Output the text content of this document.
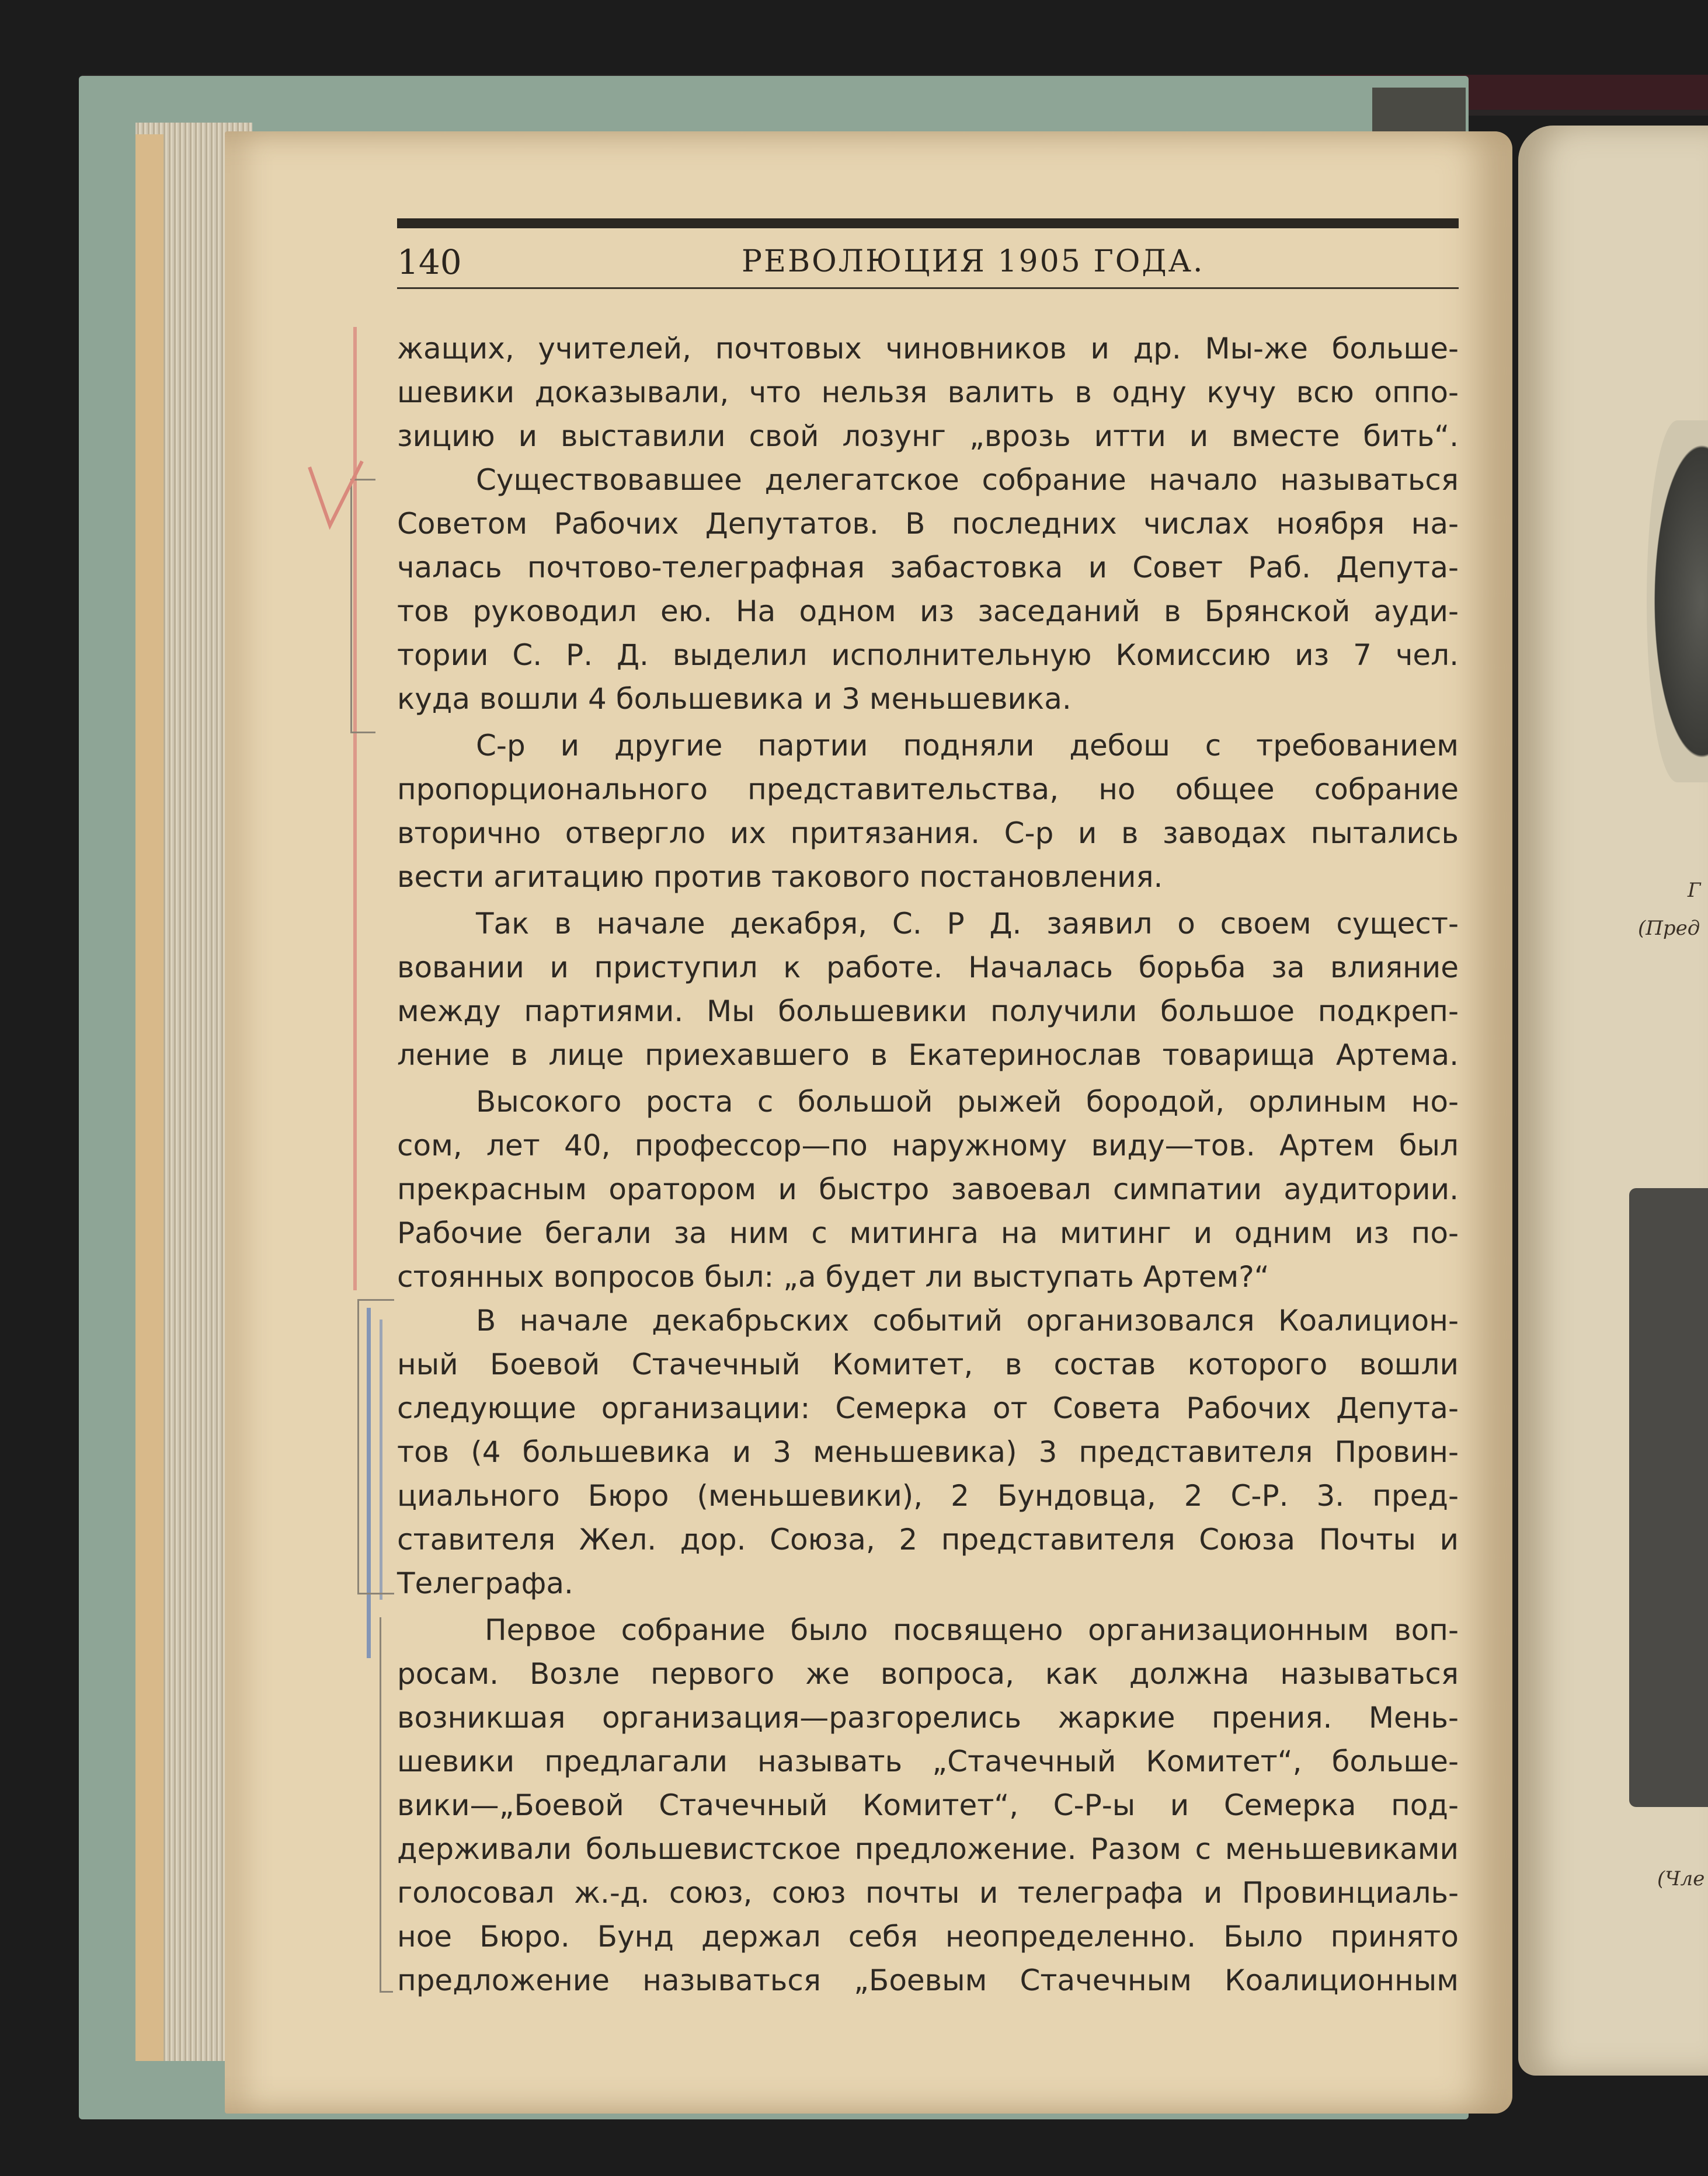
Г
(Пред
(Чле
140	РЕВОЛЮЦИЯ 1905 ГОДА.
жащих, учителей, почтовых чиновников и др. Мы-же больше-
шевики доказывали, что нельзя валить в одну кучу всю оппо-
зицию и выставили свой лозунг „врозь итти и вместе бить“.
Существовавшее делегатское собрание начало называться
Советом Рабочих Депутатов. В последних числах ноября на-
чалась почтово-телеграфная забастовка и Совет Раб. Депута-
тов руководил ею. На одном из заседаний в Брянской ауди-
тории С. Р. Д. выделил исполнительную Комиссию из 7 чел.
куда вошли 4 большевика и 3 меньшевика.
С-р и другие партии подняли дебош с требованием
пропорционального представительства, но общее собрание
вторично отвергло их притязания. С-р и в заводах пытались
вести агитацию против такового постановления.
Так в начале декабря, С. Р Д. заявил о своем сущест-
вовании и приступил к работе. Началась борьба за влияние
между партиями. Мы большевики получили большое подкреп-
ление в лице приехавшего в Екатеринослав товарища Артема.
Высокого роста с большой рыжей бородой, орлиным но-
сом, лет 40, профессор—по наружному виду—тов. Артем был
прекрасным оратором и быстро завоевал симпатии аудитории.
Рабочие бегали за ним с митинга на митинг и одним из по-
стоянных вопросов был: „а будет ли выступать Артем?“
В начале декабрьских событий организовался Коалицион-
ный Боевой Стачечный Комитет, в состав которого вошли
следующие организации: Семерка от Совета Рабочих Депута-
тов (4 большевика и 3 меньшевика) 3 представителя Провин-
циального Бюро (меньшевики), 2 Бундовца, 2 С-Р. 3. пред-
ставителя Жел. дор. Союза, 2 представителя Союза Почты и
Телеграфа.
Первое собрание было посвящено организационным воп-
росам. Возле первого же вопроса, как должна называться
возникшая организация—разгорелись жаркие прения. Мень-
шевики предлагали называть „Стачечный Комитет“, больше-
вики—„Боевой Стачечный Комитет“, С-Р-ы и Семерка под-
держивали большевистское предложение. Разом с меньшевиками
голосовал ж.-д. союз, союз почты и телеграфа и Провинциаль-
ное Бюро. Бунд держал себя неопределенно. Было принято
предложение называться „Боевым Стачечным Коалиционным
